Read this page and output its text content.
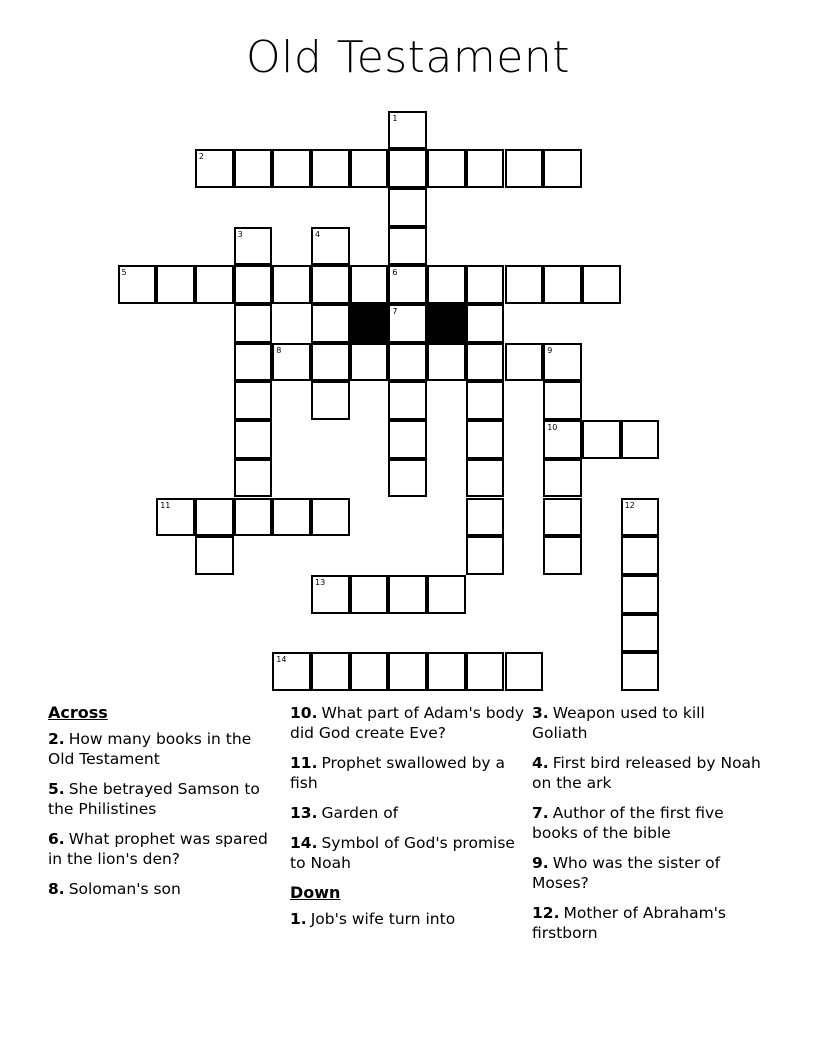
Old Testament
1
2
3	4
5	6
7
8	9
10
11	12
13
14
Across
2. How many books in the Old Testament
5. She betrayed Samson to the Philistines
6. What prophet was spared in the lion's den?
8. Soloman's son
10. What part of Adam's body did God create Eve?
11. Prophet swallowed by a fish
13. Garden of
14. Symbol of God's promise to Noah
Down
1. Job's wife turn into
3. Weapon used to kill Goliath
4. First bird released by Noah on the ark
7. Author of the first five books of the bible
9. Who was the sister of Moses?
12. Mother of Abraham's firstborn
